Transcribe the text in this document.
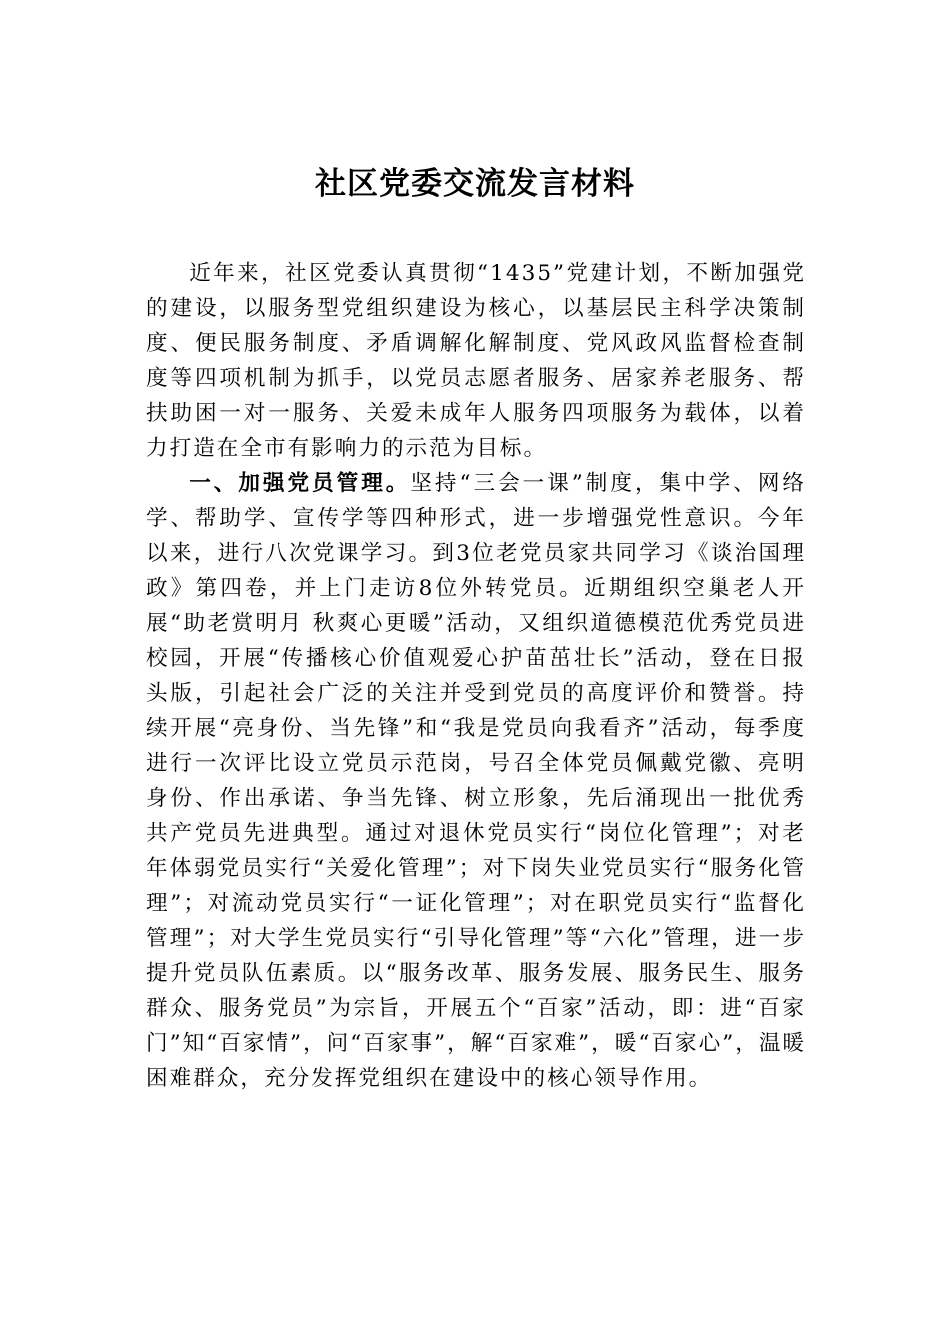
社区党委交流发言材料

近年来，社区党委认真贯彻“1435”党建计划，不断加强党的建设，以服务型党组织建设为核心，以基层民主科学决策制度、便民服务制度、矛盾调解化解制度、党风政风监督检查制度等四项机制为抓手，以党员志愿者服务、居家养老服务、帮扶助困一对一服务、关爱未成年人服务四项服务为载体，以着力打造在全市有影响力的示范为目标。

一、加强党员管理。坚持“三会一课”制度，集中学、网络学、帮助学、宣传学等四种形式，进一步增强党性意识。今年以来，进行八次党课学习。到3位老党员家共同学习《谈治国理政》第四卷，并上门走访8位外转党员。近期组织空巢老人开展“助老赏明月 秋爽心更暖”活动，又组织道德模范优秀党员进校园，开展“传播核心价值观爱心护苗茁壮长”活动，登在日报头版，引起社会广泛的关注并受到党员的高度评价和赞誉。持续开展“亮身份、当先锋”和“我是党员向我看齐”活动，每季度进行一次评比设立党员示范岗，号召全体党员佩戴党徽、亮明身份、作出承诺、争当先锋、树立形象，先后涌现出一批优秀共产党员先进典型。通过对退休党员实行“岗位化管理”；对老年体弱党员实行“关爱化管理”；对下岗失业党员实行“服务化管理”；对流动党员实行“一证化管理”；对在职党员实行“监督化管理”；对大学生党员实行“引导化管理”等“六化”管理，进一步提升党员队伍素质。以“服务改革、服务发展、服务民生、服务群众、服务党员”为宗旨，开展五个“百家”活动，即：进“百家门”知“百家情”，问“百家事”，解“百家难”，暖“百家心”，温暖困难群众，充分发挥党组织在建设中的核心领导作用。
